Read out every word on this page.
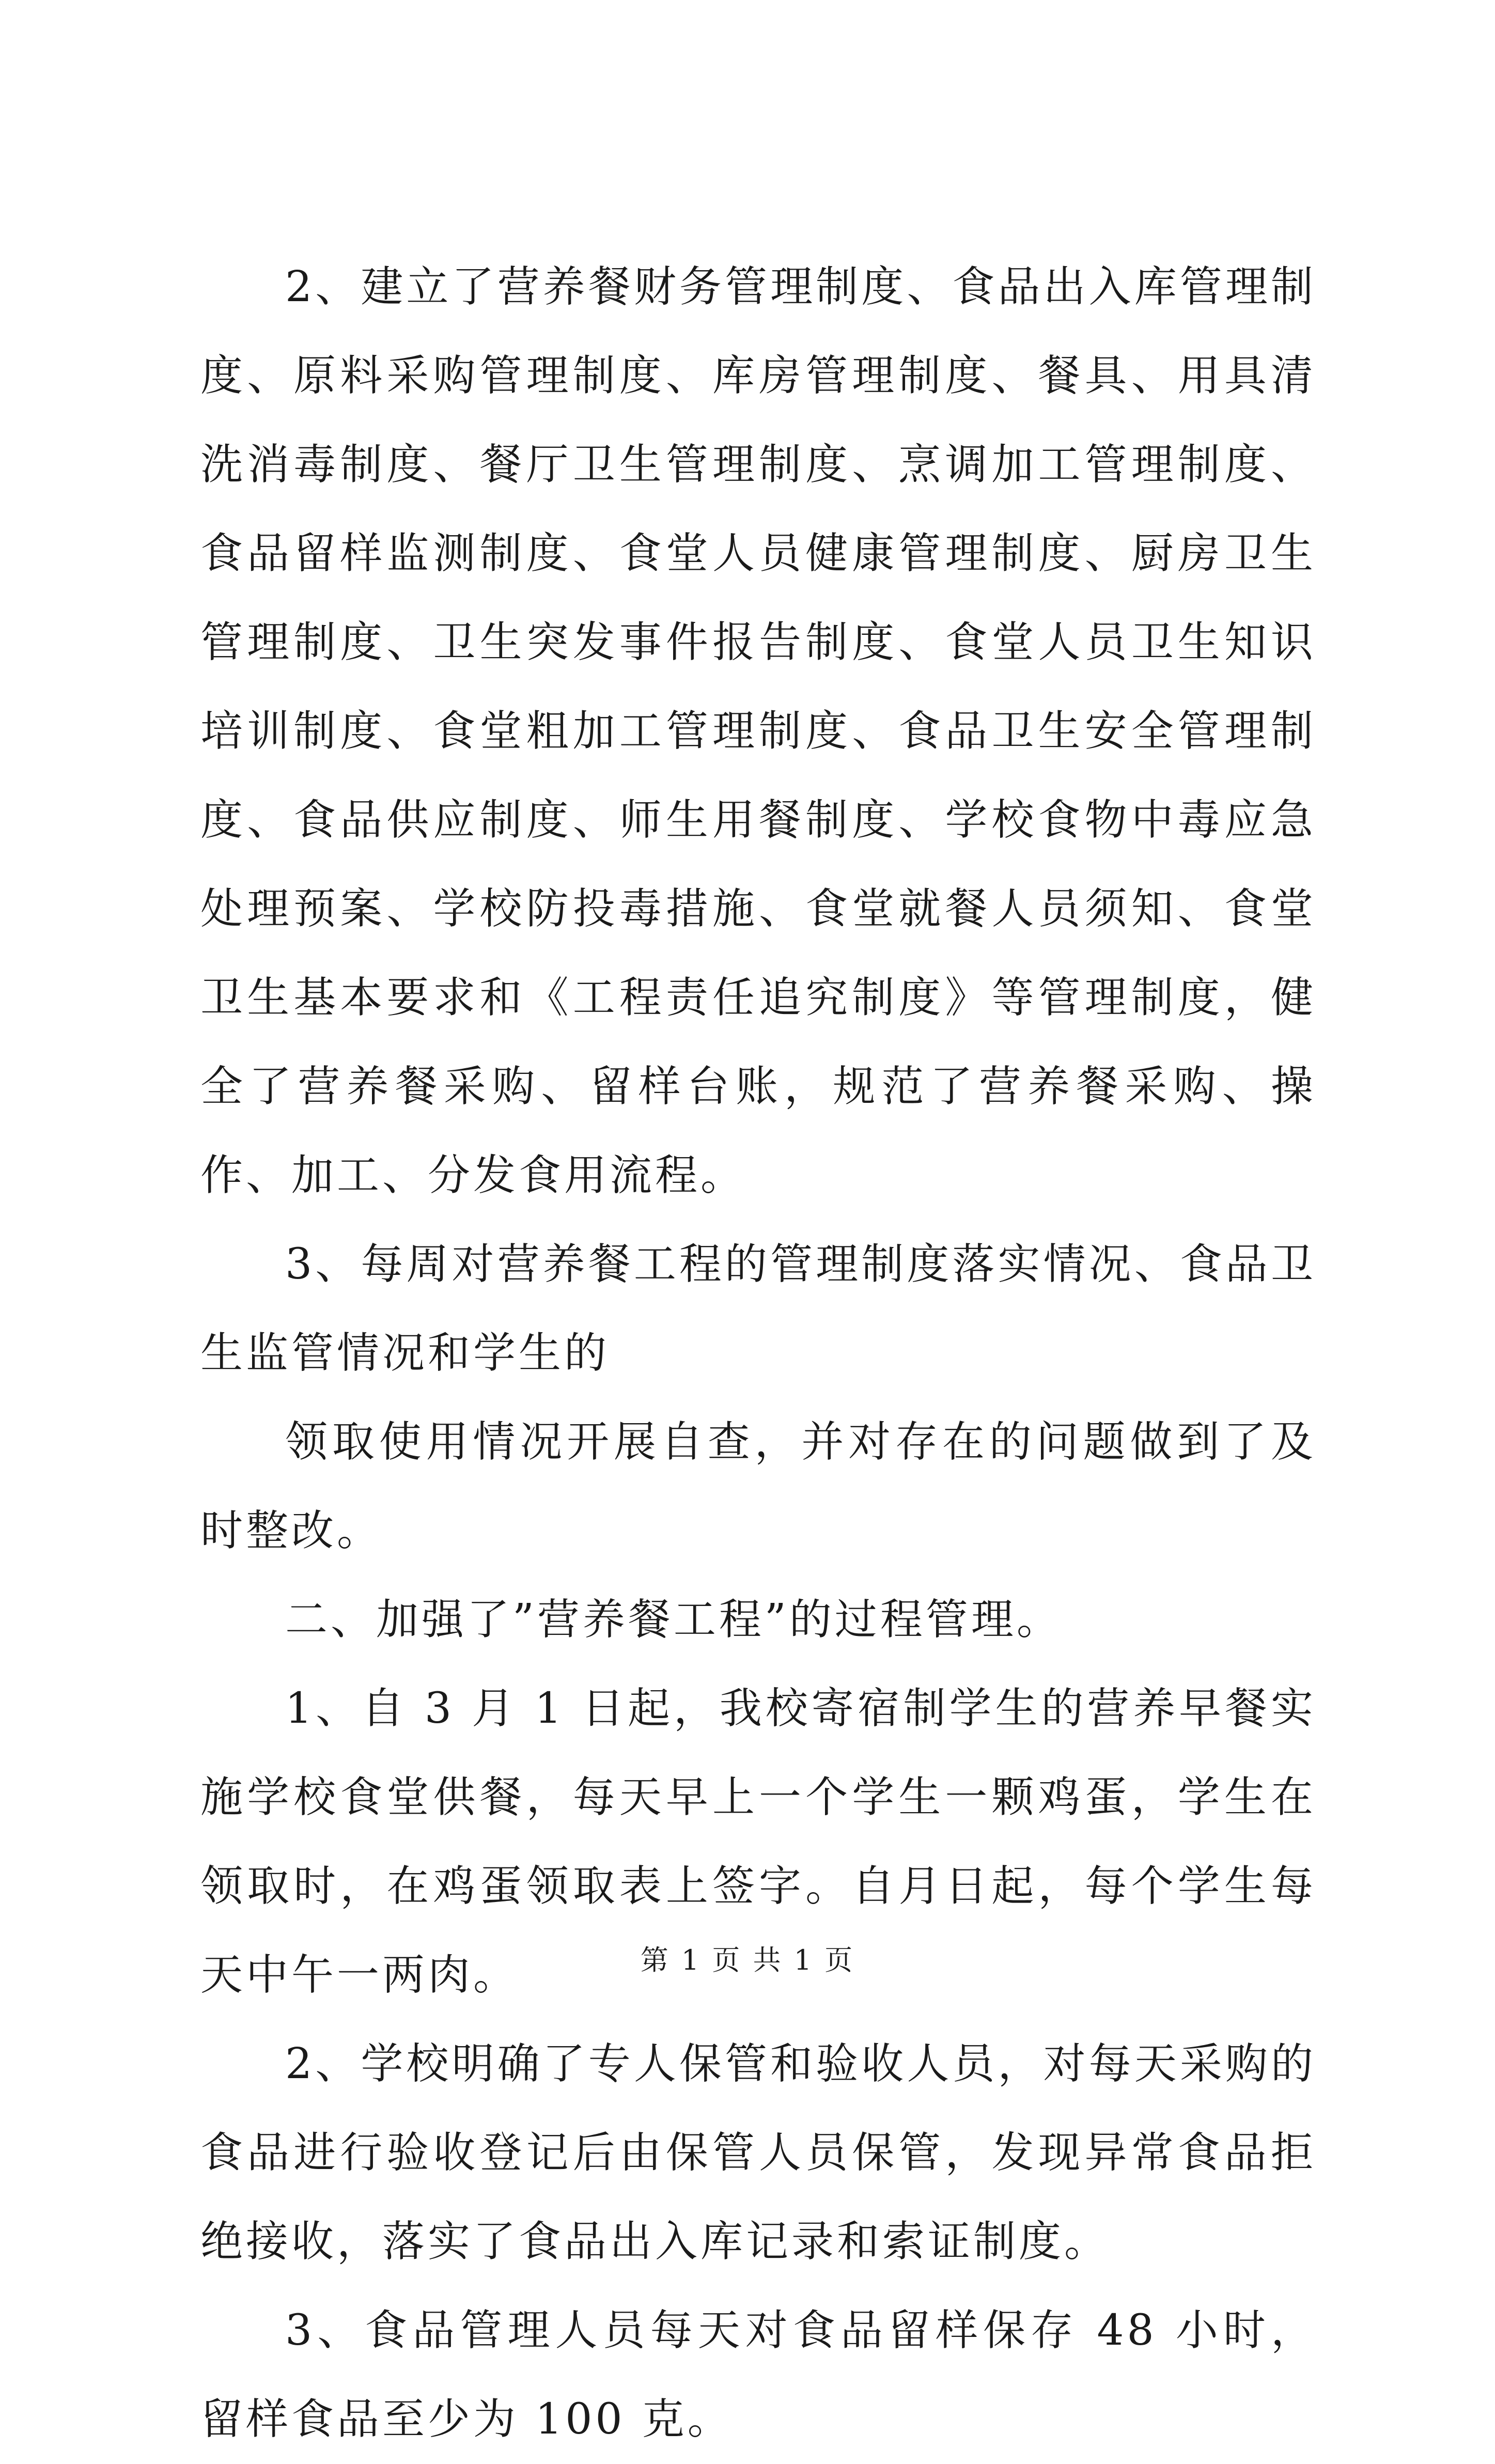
2、建立了营养餐财务管理制度、食品出入库管理制度、原料采购管理制度、库房管理制度、餐具、用具清洗消毒制度、餐厅卫生管理制度、烹调加工管理制度、食品留样监测制度、食堂人员健康管理制度、厨房卫生管理制度、卫生突发事件报告制度、食堂人员卫生知识培训制度、食堂粗加工管理制度、食品卫生安全管理制度、食品供应制度、师生用餐制度、学校食物中毒应急处理预案、学校防投毒措施、食堂就餐人员须知、食堂卫生基本要求和《工程责任追究制度》等管理制度，健全了营养餐采购、留样台账，规范了营养餐采购、操作、加工、分发食用流程。

3、每周对营养餐工程的管理制度落实情况、食品卫生监管情况和学生的

领取使用情况开展自查，并对存在的问题做到了及时整改。

二、加强了”营养餐工程”的过程管理。

1、自 3 月 1 日起，我校寄宿制学生的营养早餐实施学校食堂供餐，每天早上一个学生一颗鸡蛋，学生在领取时，在鸡蛋领取表上签字。自月日起，每个学生每天中午一两肉。

2、学校明确了专人保管和验收人员，对每天采购的食品进行验收登记后由保管人员保管，发现异常食品拒绝接收，落实了食品出入库记录和索证制度。

3、食品管理人员每天对食品留样保存 48 小时，留样食品至少为 100 克。

第 1 页 共 1 页
